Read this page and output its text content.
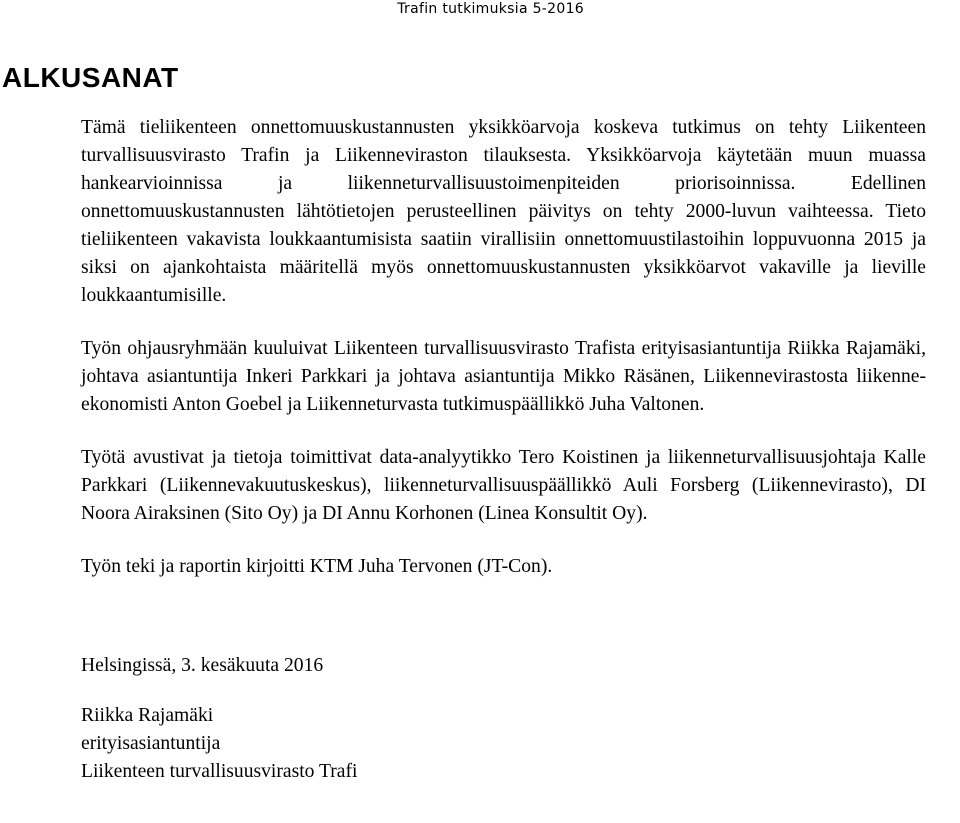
Trafin tutkimuksia 5-2016
ALKUSANAT

Tämä tieliikenteen onnettomuuskustannusten yksikköarvoja koskeva tutkimus on tehty Liikenteen turvallisuusvirasto Trafin ja Liikenneviraston tilauksesta. Yksikköarvoja käytetään muun muassa hankearvioinnissa ja liikenneturvallisuustoimenpiteiden priorisoinnissa. Edellinen onnettomuuskustannusten lähtötietojen perusteellinen päivitys on tehty 2000-luvun vaihteessa. Tieto tieliikenteen vakavista loukkaantumisista saatiin virallisiin onnettomuustilastoihin loppuvuonna 2015 ja siksi on ajankohtaista määritellä myös onnettomuuskustannusten yksikköarvot vakaville ja lieville loukkaantumisille.

Työn ohjausryhmään kuuluivat Liikenteen turvallisuusvirasto Trafista erityisasiantuntija Riikka Rajamäki, johtava asiantuntija Inkeri Parkkari ja johtava asiantuntija Mikko Räsänen, Liikennevirastosta liikenne-ekonomisti Anton Goebel ja Liikenneturvasta tutkimuspäällikkö Juha Valtonen.

Työtä avustivat ja tietoja toimittivat data-analyytikko Tero Koistinen ja liikenneturvallisuusjohtaja Kalle Parkkari (Liikennevakuutuskeskus), liikenneturvallisuuspäällikkö Auli Forsberg (Liikennevirasto), DI Noora Airaksinen (Sito Oy) ja DI Annu Korhonen (Linea Konsultit Oy).

Työn teki ja raportin kirjoitti KTM Juha Tervonen (JT-Con).

Helsingissä, 3. kesäkuuta 2016

Riikka Rajamäki

erityisasiantuntija

Liikenteen turvallisuusvirasto Trafi
